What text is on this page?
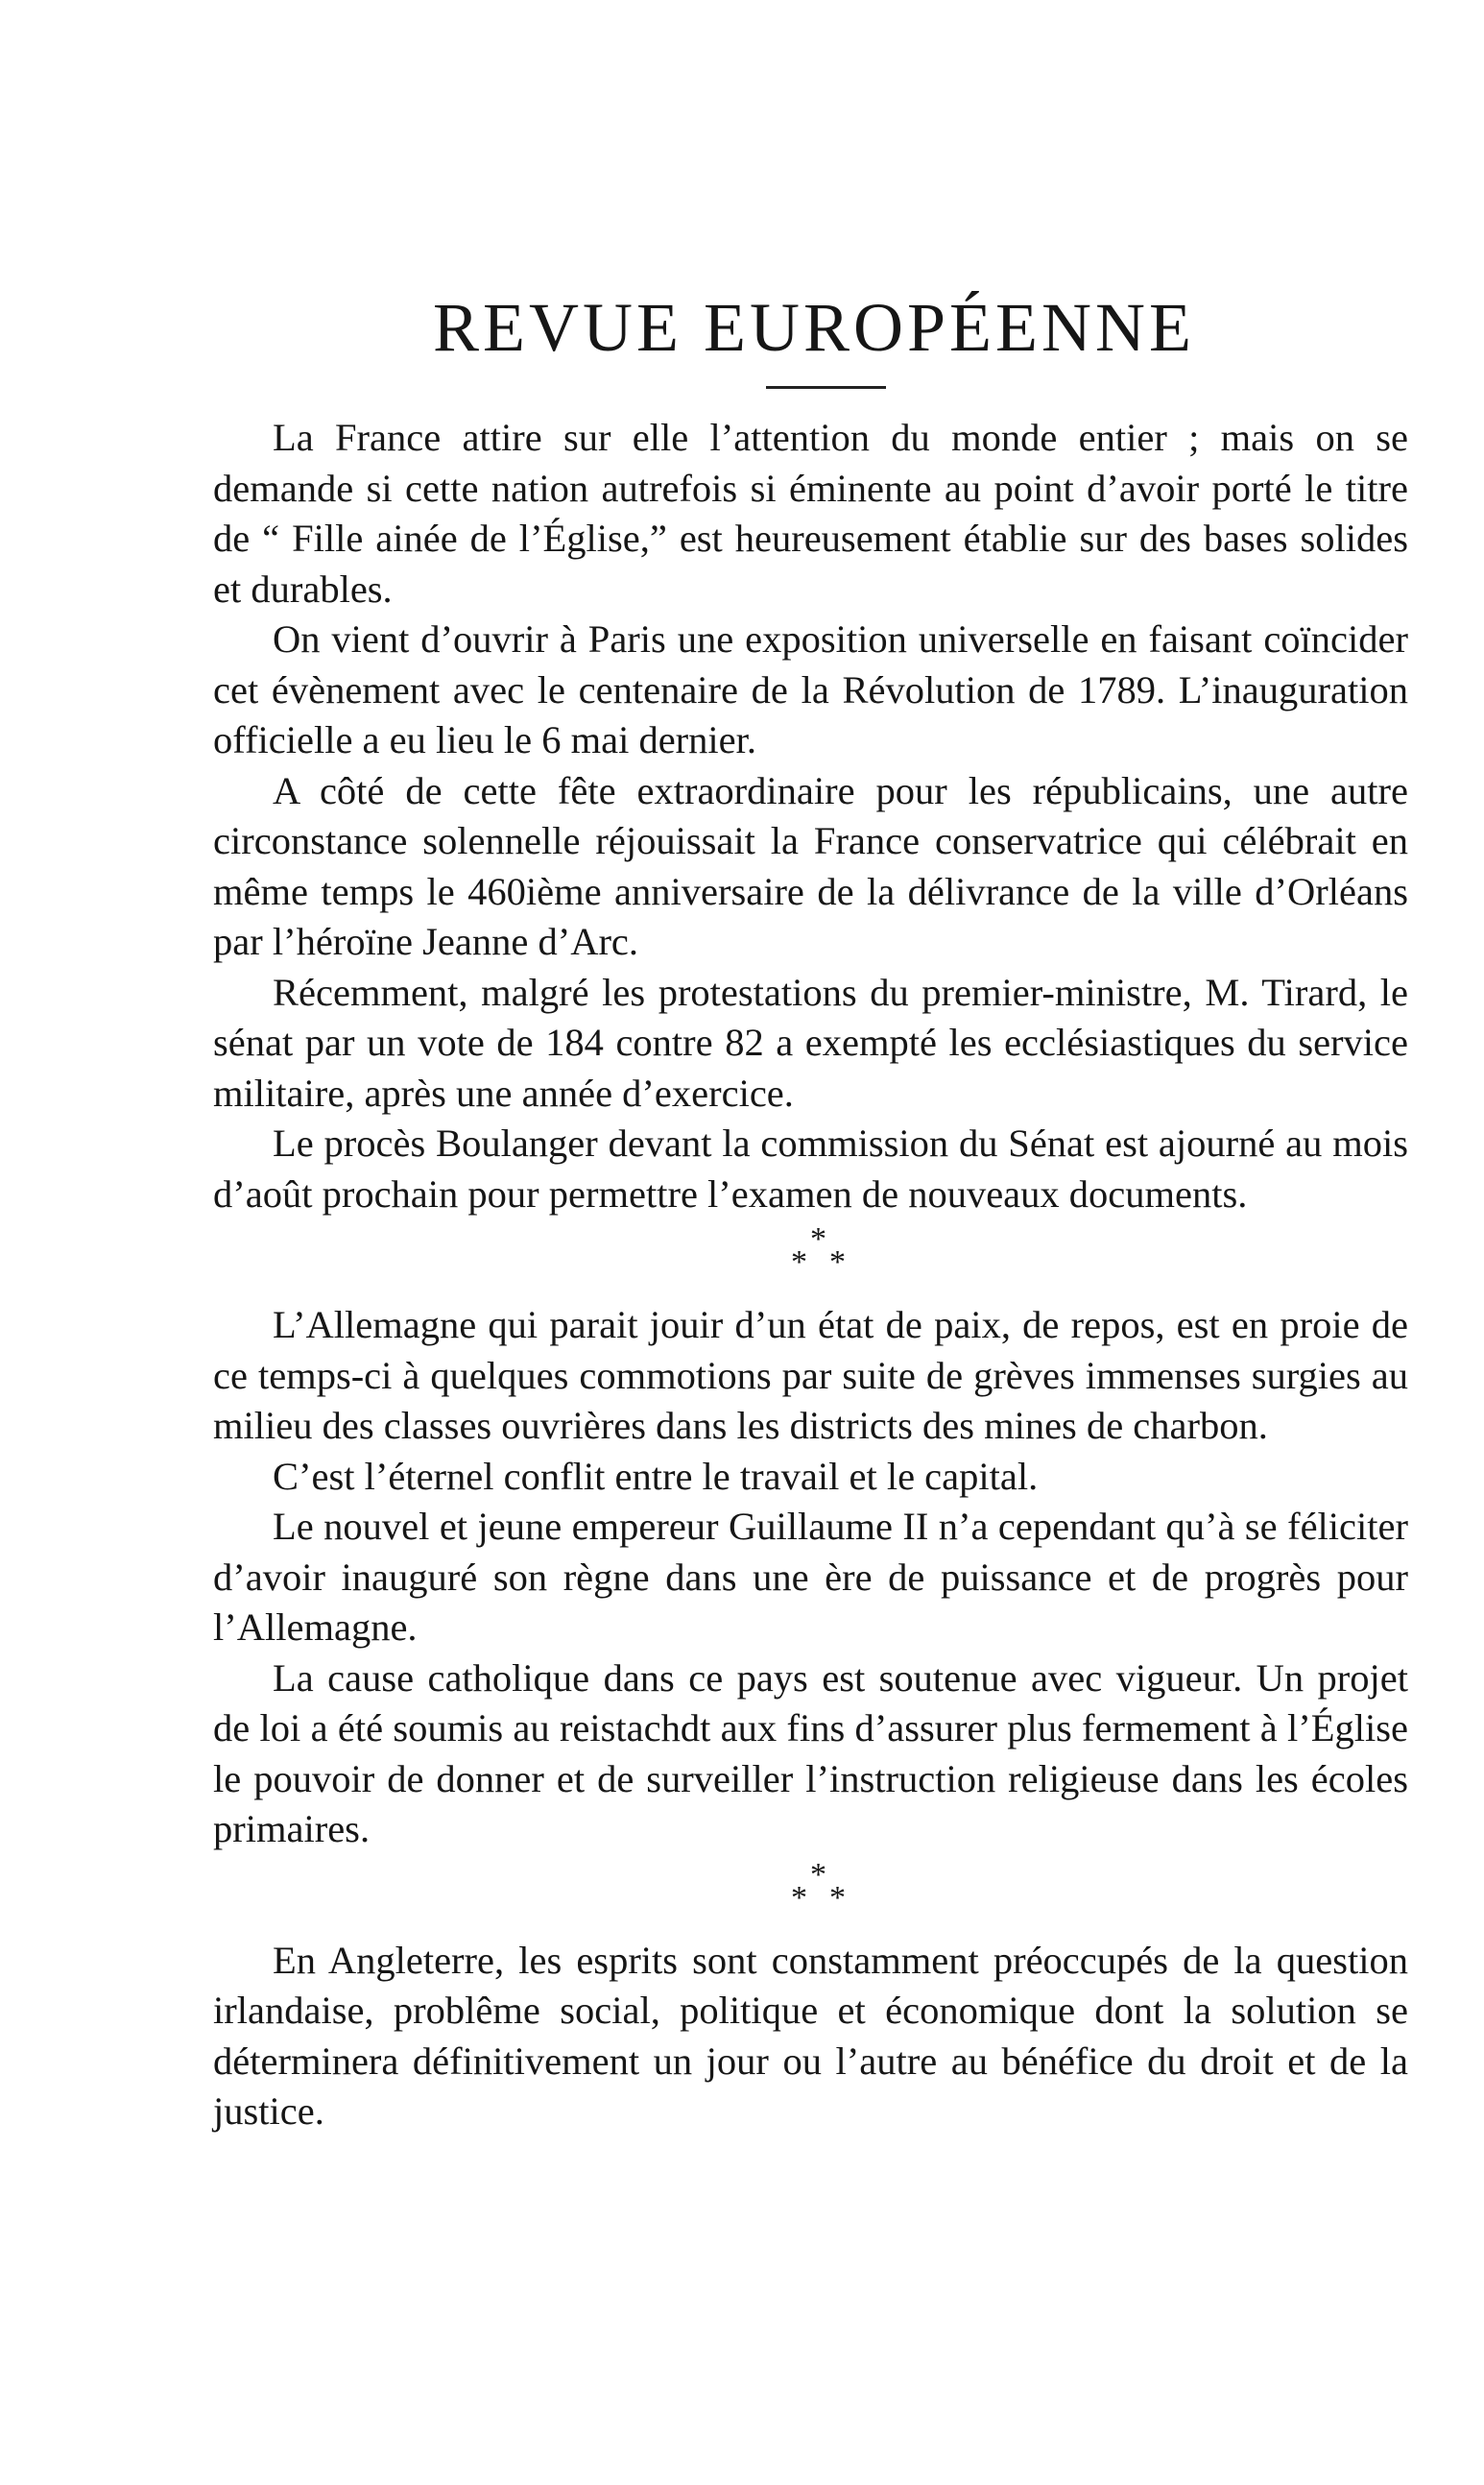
REVUE EUROPÉENNE

La France attire sur elle l’attention du monde entier ; mais on se demande si cette nation autrefois si éminente au point d’avoir porté le titre de “ Fille ainée de l’Église,” est heureusement établie sur des bases solides et durables.

On vient d’ouvrir à Paris une exposition universelle en faisant coïncider cet évènement avec le centenaire de la Révolution de 1789. L’inauguration officielle a eu lieu le 6 mai dernier.

A côté de cette fête extraordinaire pour les républicains, une autre circonstance solennelle réjouissait la France conservatrice qui célébrait en même temps le 460ième anniversaire de la délivrance de la ville d’Orléans par l’héroïne Jeanne d’Arc.

Récemment, malgré les protestations du premier-ministre, M. Tirard, le sénat par un vote de 184 contre 82 a exempté les ecclésiastiques du service militaire, après une année d’exercice.

Le procès Boulanger devant la commission du Sénat est ajourné au mois d’août prochain pour permettre l’examen de nouveaux documents.

*
* *

L’Allemagne qui parait jouir d’un état de paix, de repos, est en proie de ce temps-ci à quelques commotions par suite de grèves immenses surgies au milieu des classes ouvrières dans les districts des mines de charbon.

C’est l’éternel conflit entre le travail et le capital.

Le nouvel et jeune empereur Guillaume II n’a cependant qu’à se féliciter d’avoir inauguré son règne dans une ère de puissance et de progrès pour l’Allemagne.

La cause catholique dans ce pays est soutenue avec vigueur. Un projet de loi a été soumis au reistachdt aux fins d’assurer plus fermement à l’Église le pouvoir de donner et de surveiller l’instruction religieuse dans les écoles primaires.

*
* *

En Angleterre, les esprits sont constamment préoccupés de la question irlandaise, problême social, politique et économique dont la solution se déterminera définitivement un jour ou l’autre au bénéfice du droit et de la justice.
